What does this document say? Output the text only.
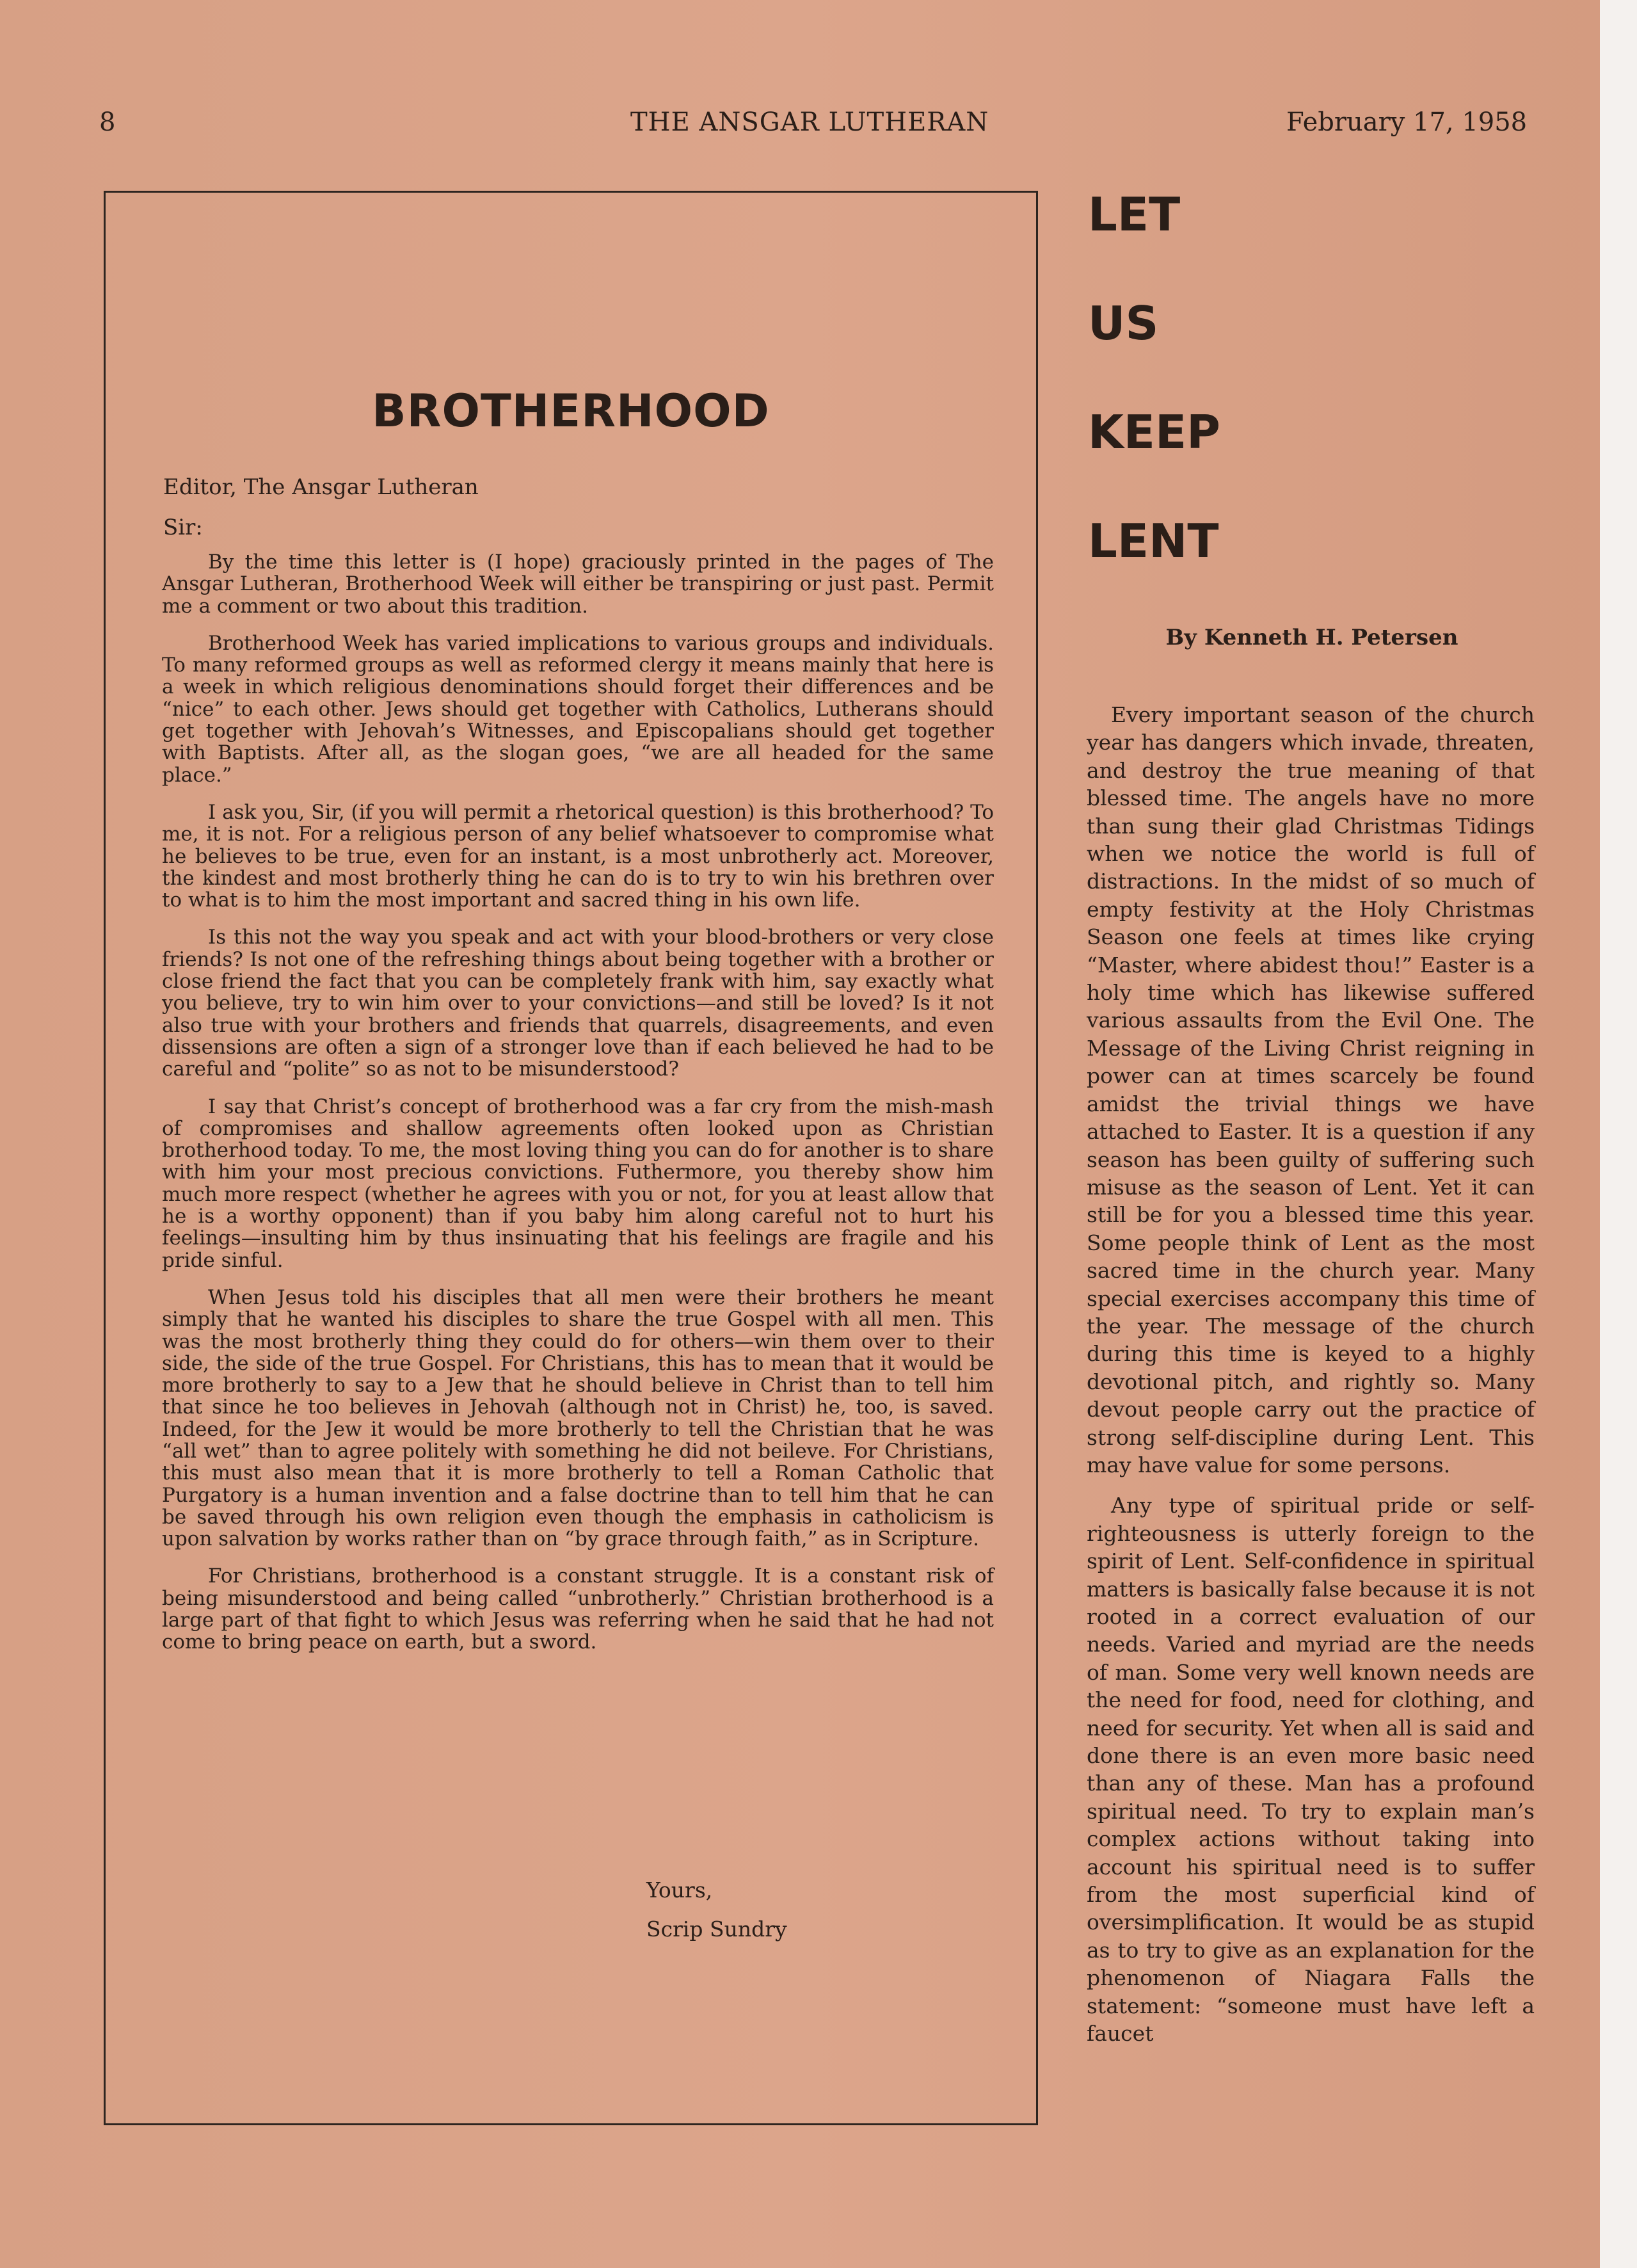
8	THE ANSGAR LUTHERAN	February 17, 1958
BROTHERHOOD
Editor, The Ansgar Lutheran
Sir:

By the time this letter is (I hope) graciously printed in the pages of The Ansgar Lutheran, Brotherhood Week will either be transpiring or just past. Permit me a comment or two about this tradition.

Brotherhood Week has varied implications to various groups and individuals. To many reformed groups as well as reformed clergy it means mainly that here is a week in which religious denominations should forget their differences and be “nice” to each other. Jews should get together with Catholics, Lutherans should get together with Jehovah’s Witnesses, and Episcopalians should get together with Baptists. After all, as the slogan goes, “we are all headed for the same place.”

I ask you, Sir, (if you will permit a rhetorical question) is this brotherhood? To me, it is not. For a religious person of any belief whatsoever to compromise what he believes to be true, even for an instant, is a most unbrotherly act. Moreover, the kindest and most brotherly thing he can do is to try to win his brethren over to what is to him the most important and sacred thing in his own life.

Is this not the way you speak and act with your blood-brothers or very close friends? Is not one of the refreshing things about being together with a brother or close friend the fact that you can be completely frank with him, say exactly what you believe, try to win him over to your convictions—and still be loved? Is it not also true with your brothers and friends that quarrels, disagreements, and even dissensions are often a sign of a stronger love than if each believed he had to be careful and “polite” so as not to be misunderstood?

I say that Christ’s concept of brotherhood was a far cry from the mish-mash of compromises and shallow agreements often looked upon as Christian brotherhood today. To me, the most loving thing you can do for another is to share with him your most precious convictions. Futhermore, you thereby show him much more respect (whether he agrees with you or not, for you at least allow that he is a worthy opponent) than if you baby him along careful not to hurt his feelings—insulting him by thus insinuating that his feelings are fragile and his pride sinful.

When Jesus told his disciples that all men were their brothers he meant simply that he wanted his disciples to share the true Gospel with all men. This was the most brotherly thing they could do for others—win them over to their side, the side of the true Gospel. For Christians, this has to mean that it would be more brotherly to say to a Jew that he should believe in Christ than to tell him that since he too believes in Jehovah (although not in Christ) he, too, is saved. Indeed, for the Jew it would be more brotherly to tell the Christian that he was “all wet” than to agree politely with something he did not beileve. For Christians, this must also mean that it is more brotherly to tell a Roman Catholic that Purgatory is a human invention and a false doctrine than to tell him that he can be saved through his own religion even though the emphasis in catholicism is upon salvation by works rather than on “by grace through faith,” as in Scripture.

For Christians, brotherhood is a constant struggle. It is a constant risk of being misunderstood and being called “unbrotherly.” Christian brotherhood is a large part of that fight to which Jesus was referring when he said that he had not come to bring peace on earth, but a sword.

Yours,
Scrip Sundry
LET
US
KEEP
LENT
By Kenneth H. Petersen

Every important season of the church year has dangers which invade, threaten, and destroy the true meaning of that blessed time. The angels have no more than sung their glad Christmas Tidings when we notice the world is full of distractions. In the midst of so much of empty festivity at the Holy Christmas Season one feels at times like crying “Master, where abidest thou!” Easter is a holy time which has likewise suffered various assaults from the Evil One. The Message of the Living Christ reigning in power can at times scarcely be found amidst the trivial things we have attached to Easter. It is a question if any season has been guilty of suffering such misuse as the season of Lent. Yet it can still be for you a blessed time this year. Some people think of Lent as the most sacred time in the church year. Many special exercises accompany this time of the year. The message of the church during this time is keyed to a highly devotional pitch, and rightly so. Many devout people carry out the practice of strong self-discipline during Lent. This may have value for some persons.

Any type of spiritual pride or self-righteousness is utterly foreign to the spirit of Lent. Self-confidence in spiritual matters is basically false because it is not rooted in a correct evaluation of our needs. Varied and myriad are the needs of man. Some very well known needs are the need for food, need for clothing, and need for security. Yet when all is said and done there is an even more basic need than any of these. Man has a profound spiritual need. To try to explain man’s complex actions without taking into account his spiritual need is to suffer from the most superficial kind of oversimplification. It would be as stupid as to try to give as an explanation for the phenomenon of Niagara Falls the statement: “someone must have left a faucet
